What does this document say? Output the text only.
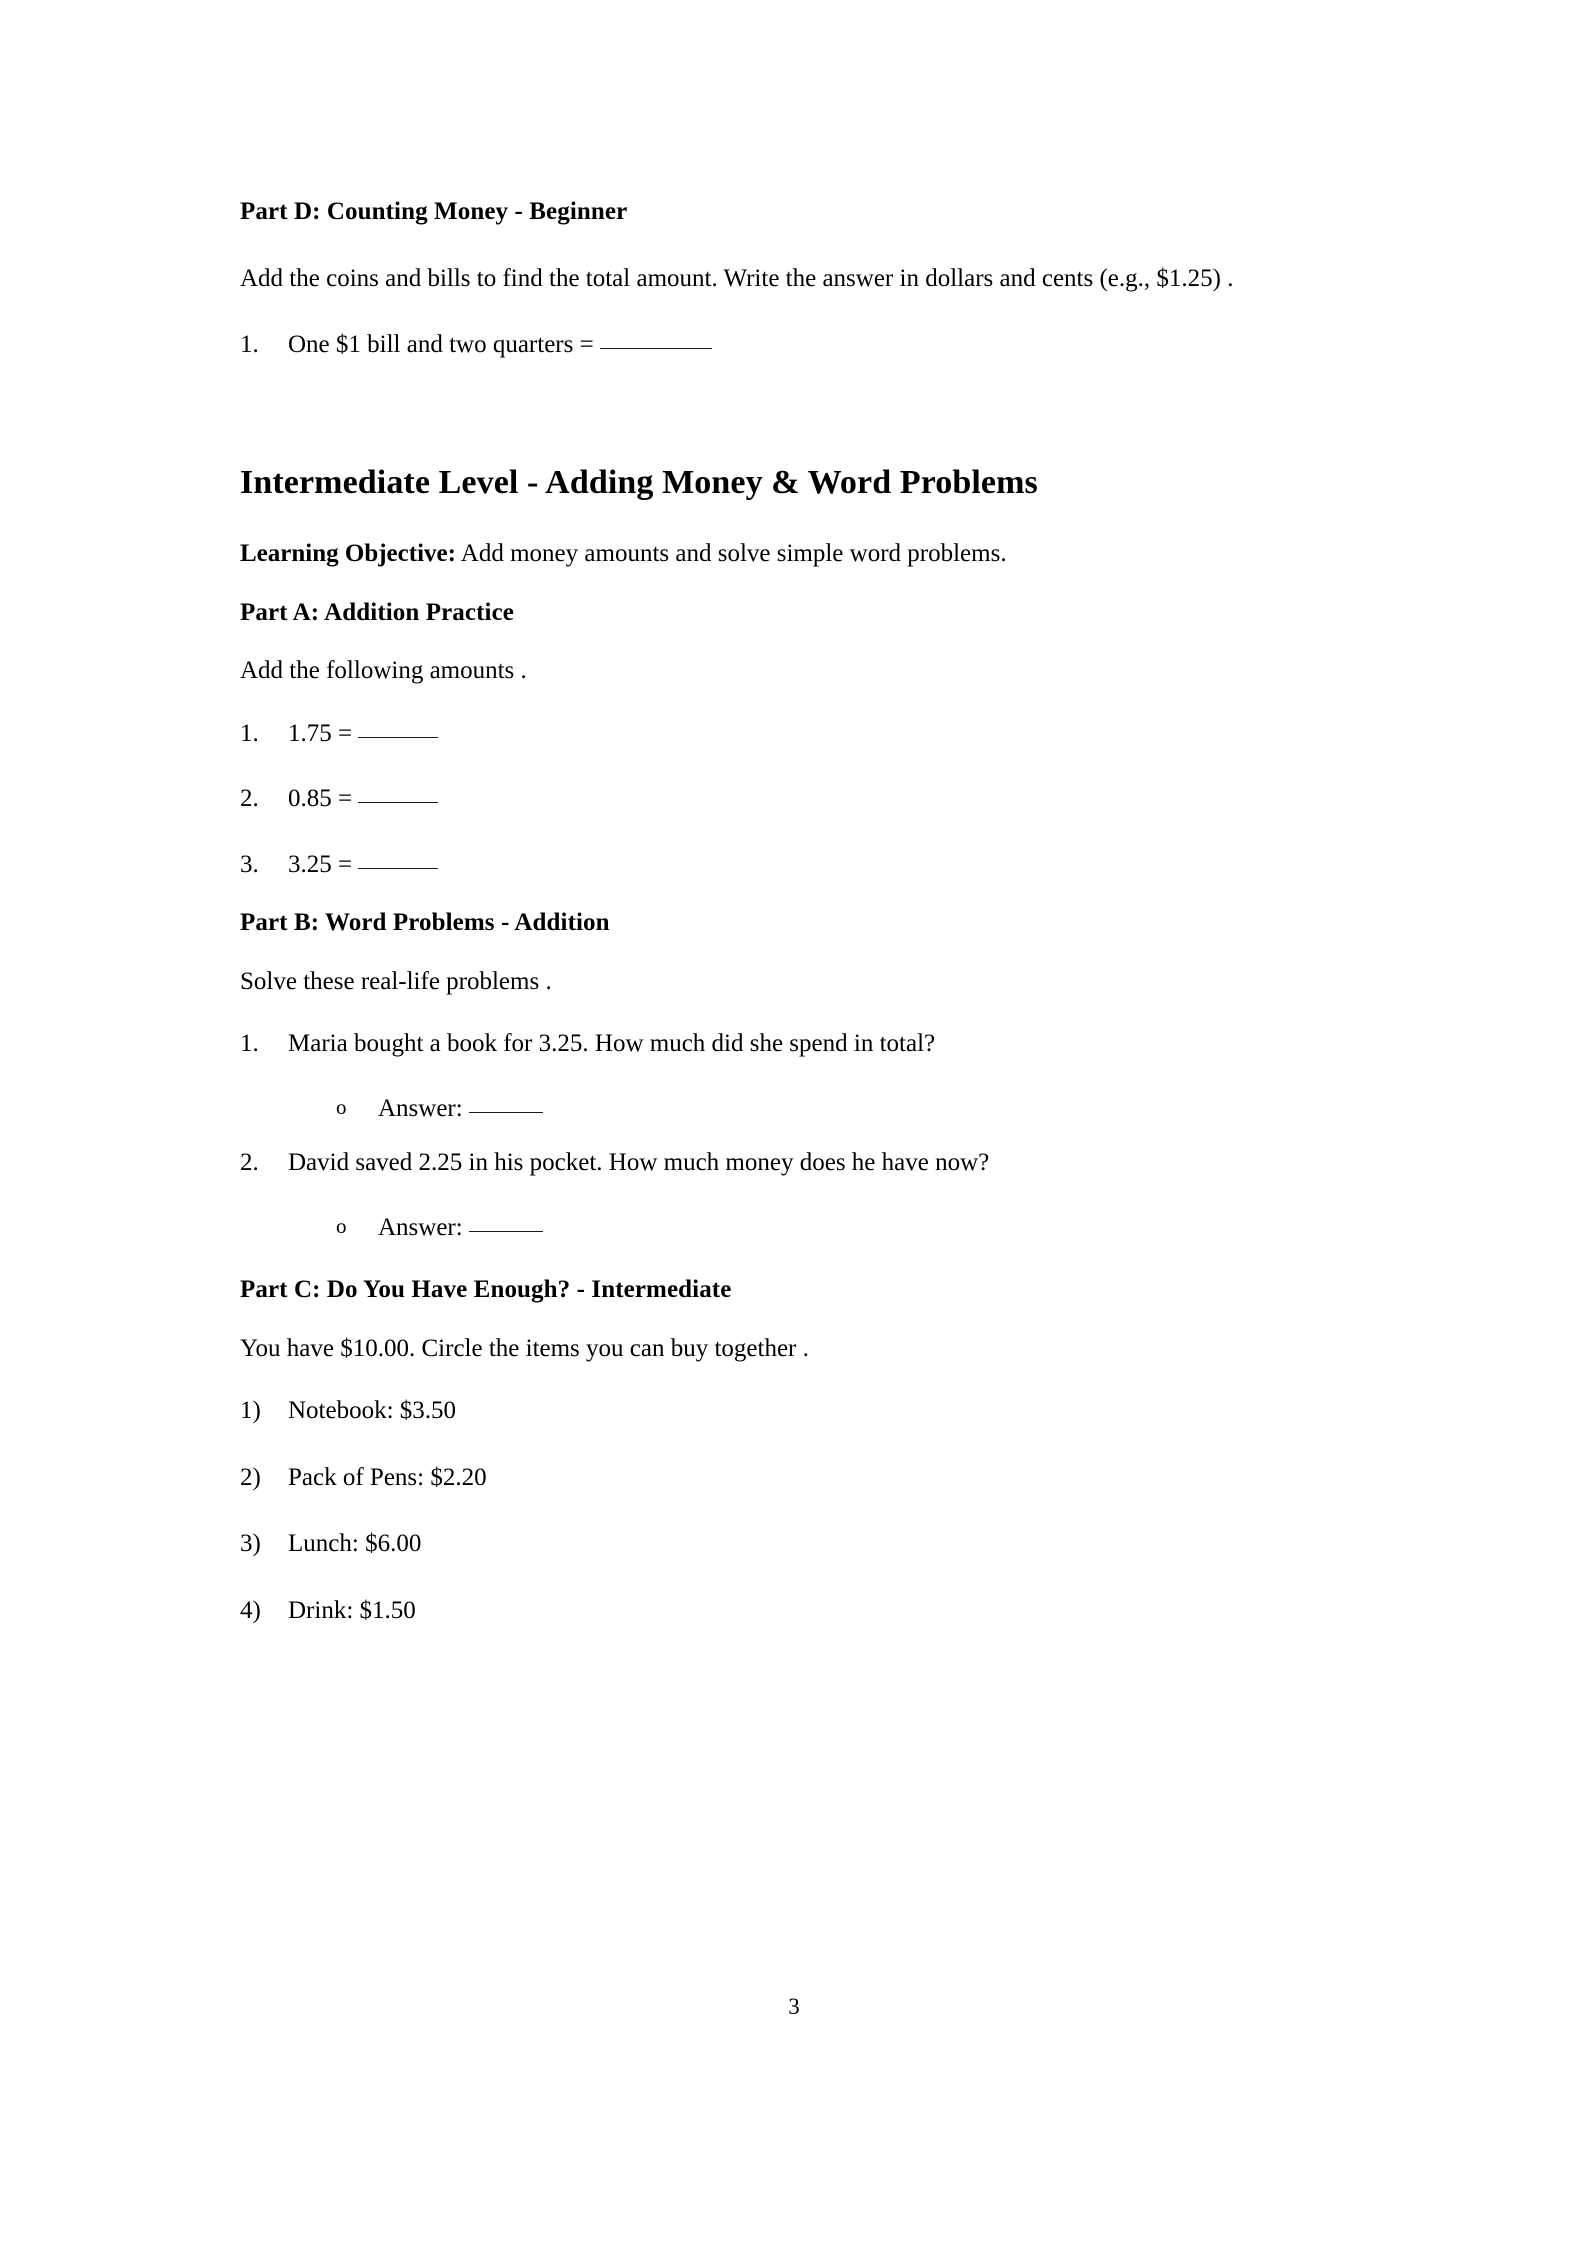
Part D: Counting Money - Beginner
Add the coins and bills to find the total amount. Write the answer in dollars and cents (e.g., $1.25) .
1.	One $1 bill and two quarters =
Intermediate Level - Adding Money & Word Problems
Learning Objective: Add money amounts and solve simple word problems.
Part A: Addition Practice
Add the following amounts .
1.	1.75 =
2.	0.85 =
3.	3.25 =
Part B: Word Problems - Addition
Solve these real-life problems .
1.	Maria bought a book for 3.25. How much did she spend in total?
o Answer:
2.	David saved 2.25 in his pocket. How much money does he have now?
o Answer:
Part C: Do You Have Enough? - Intermediate
You have $10.00. Circle the items you can buy together .
1)	Notebook: $3.50
2)	Pack of Pens: $2.20
3)	Lunch: $6.00
4)	Drink: $1.50
3
